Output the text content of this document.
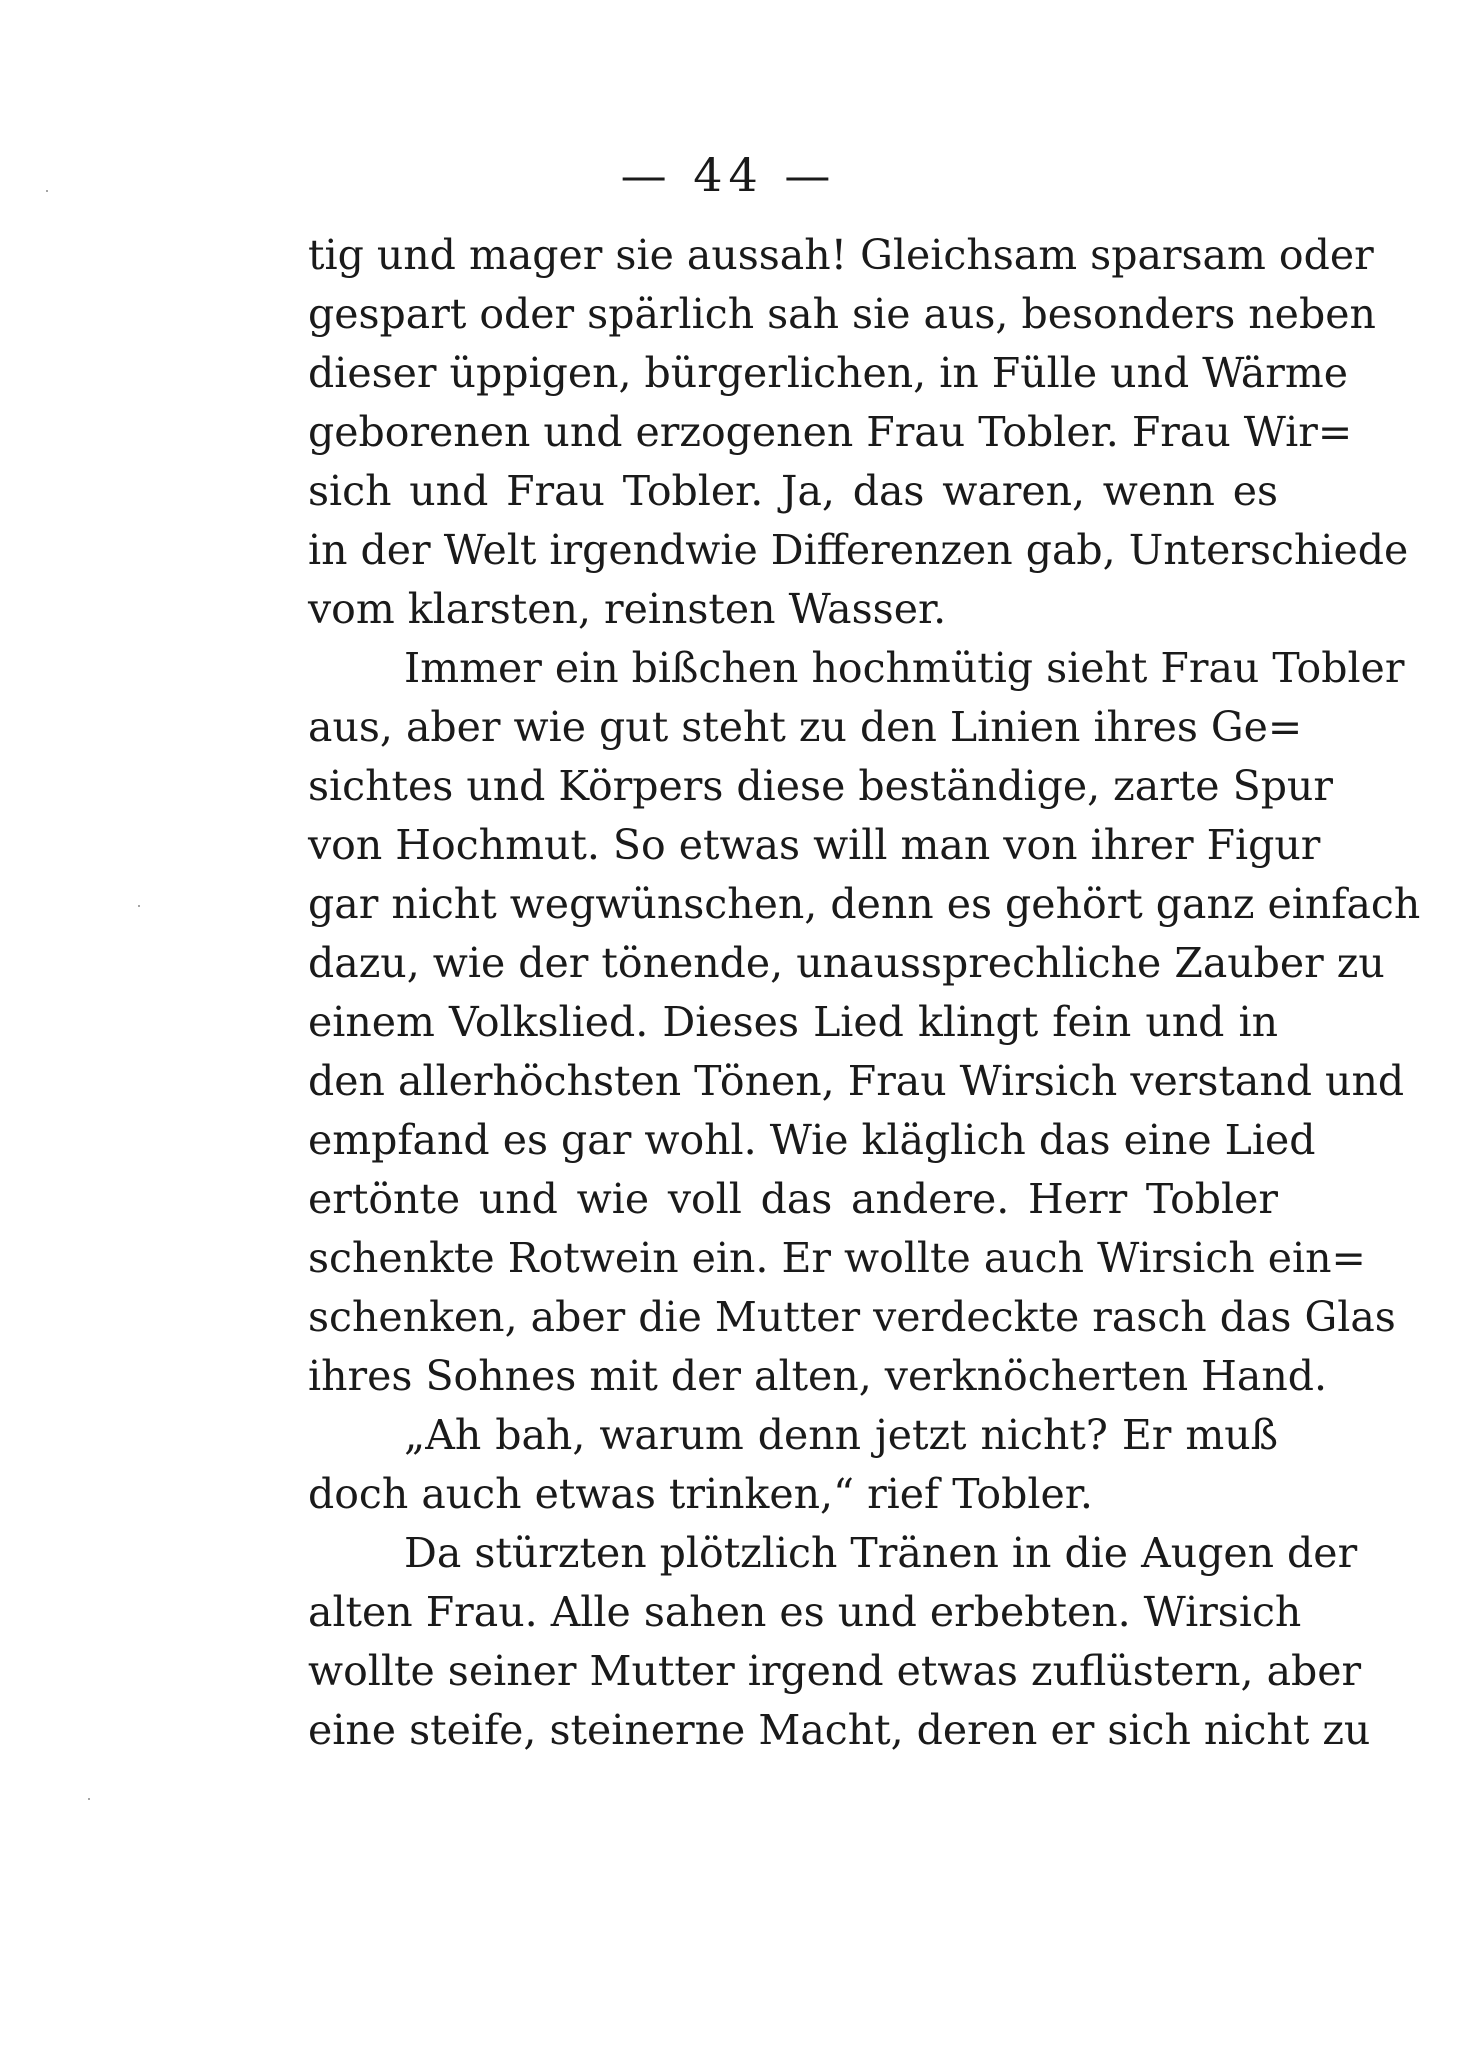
— 44 —
tig und mager sie aussah! Gleichsam sparsam oder
gespart oder spärlich sah sie aus, besonders neben
dieser üppigen, bürgerlichen, in Fülle und Wärme
geborenen und erzogenen Frau Tobler. Frau Wir=
sich und Frau Tobler. Ja, das waren, wenn es
in der Welt irgendwie Differenzen gab, Unterschiede
vom klarsten, reinsten Wasser.
Immer ein bißchen hochmütig sieht Frau Tobler
aus, aber wie gut steht zu den Linien ihres Ge=
sichtes und Körpers diese beständige, zarte Spur
von Hochmut. So etwas will man von ihrer Figur
gar nicht wegwünschen, denn es gehört ganz einfach
dazu, wie der tönende, unaussprechliche Zauber zu
einem Volkslied. Dieses Lied klingt fein und in
den allerhöchsten Tönen, Frau Wirsich verstand und
empfand es gar wohl. Wie kläglich das eine Lied
ertönte und wie voll das andere. Herr Tobler
schenkte Rotwein ein. Er wollte auch Wirsich ein=
schenken, aber die Mutter verdeckte rasch das Glas
ihres Sohnes mit der alten, verknöcherten Hand.
„Ah bah, warum denn jetzt nicht? Er muß
doch auch etwas trinken,“ rief Tobler.
Da stürzten plötzlich Tränen in die Augen der
alten Frau. Alle sahen es und erbebten. Wirsich
wollte seiner Mutter irgend etwas zuflüstern, aber
eine steife, steinerne Macht, deren er sich nicht zu
